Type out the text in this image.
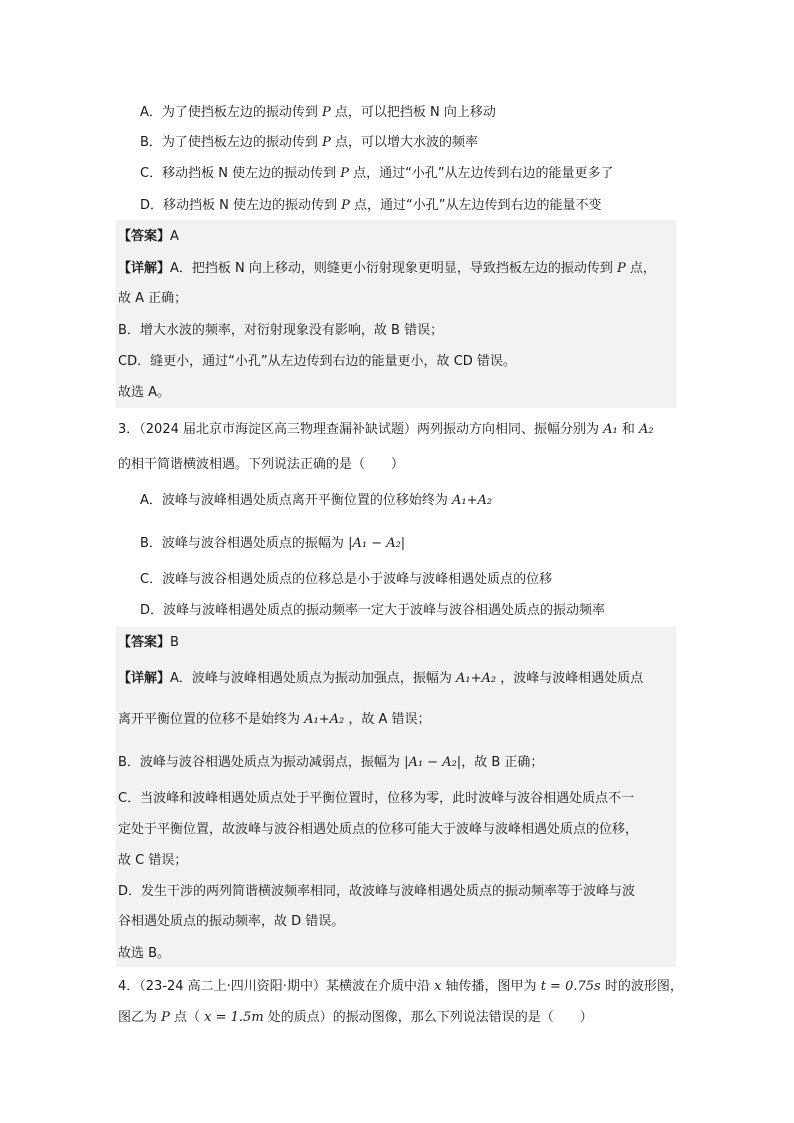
A．为了使挡板左边的振动传到 P 点，可以把挡板 N 向上移动
B．为了使挡板左边的振动传到 P 点，可以增大水波的频率
C．移动挡板 N 使左边的振动传到 P 点，通过“小孔”从左边传到右边的能量更多了
D．移动挡板 N 使左边的振动传到 P 点，通过“小孔”从左边传到右边的能量不变
【答案】A
【详解】A．把挡板 N 向上移动，则缝更小衍射现象更明显，导致挡板左边的振动传到 P 点，
故 A 正确；
B．增大水波的频率，对衍射现象没有影响，故 B 错误；
CD．缝更小，通过“小孔”从左边传到右边的能量更小，故 CD 错误。
故选 A。
3．（2024 届北京市海淀区高三物理查漏补缺试题）两列振动方向相同、振幅分别为 A₁ 和 A₂
的相干简谐横波相遇。下列说法正确的是（　　）
A．波峰与波峰相遇处质点离开平衡位置的位移始终为 A₁+A₂
B．波峰与波谷相遇处质点的振幅为 |A₁ − A₂|
C．波峰与波谷相遇处质点的位移总是小于波峰与波峰相遇处质点的位移
D．波峰与波峰相遇处质点的振动频率一定大于波峰与波谷相遇处质点的振动频率
【答案】B
【详解】A．波峰与波峰相遇处质点为振动加强点，振幅为 A₁+A₂ ，波峰与波峰相遇处质点
离开平衡位置的位移不是始终为 A₁+A₂ ，故 A 错误；
B．波峰与波谷相遇处质点为振动减弱点，振幅为 |A₁ − A₂|，故 B 正确；
C．当波峰和波峰相遇处质点处于平衡位置时，位移为零，此时波峰与波谷相遇处质点不一
定处于平衡位置，故波峰与波谷相遇处质点的位移可能大于波峰与波峰相遇处质点的位移，
故 C 错误；
D．发生干涉的两列简谐横波频率相同，故波峰与波峰相遇处质点的振动频率等于波峰与波
谷相遇处质点的振动频率，故 D 错误。
故选 B。
4．（23-24 高二上·四川资阳·期中）某横波在介质中沿 x 轴传播，图甲为 t = 0.75s 时的波形图，
图乙为 P 点（ x = 1.5m 处的质点）的振动图像，那么下列说法错误的是（　　）
